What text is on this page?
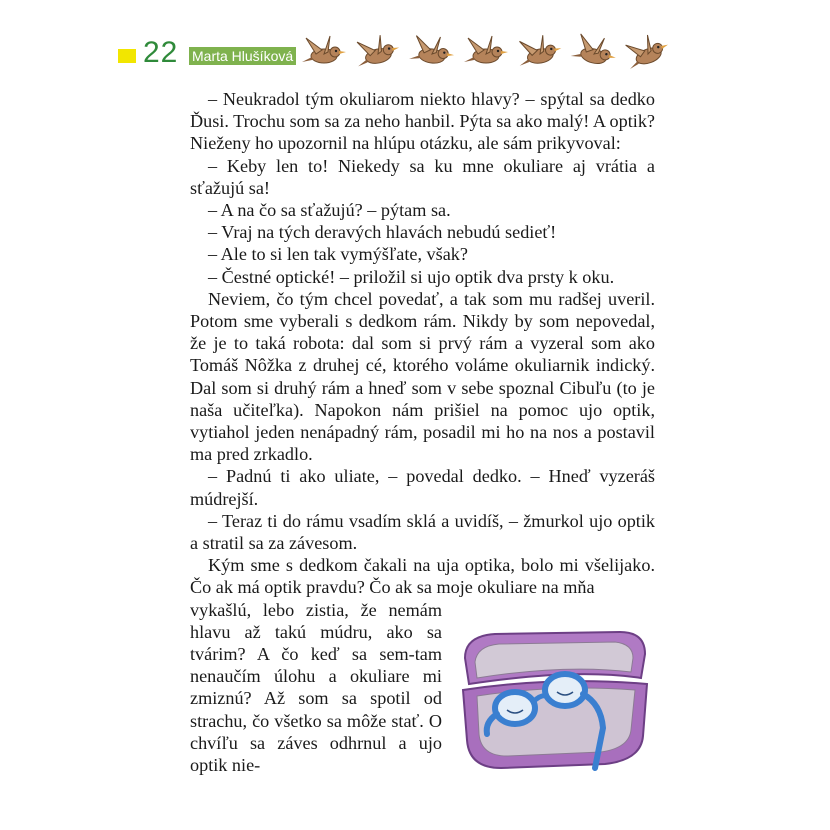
22 Marta Hlušíková

– Neukradol tým okuliarom niekto hlavy? – spýtal sa dedko Ďusi. Trochu som sa za neho hanbil. Pýta sa ako malý! A optik? Nieženy ho upozornil na hlúpu otázku, ale sám prikyvoval:

– Keby len to! Niekedy sa ku mne okuliare aj vrátia a sťažujú sa!

– A na čo sa sťažujú? – pýtam sa.

– Vraj na tých deravých hlavách nebudú sedieť!

– Ale to si len tak vymýšľate, však?

– Čestné optické! – priložil si ujo optik dva prsty k oku.

Neviem, čo tým chcel povedať, a tak som mu radšej uveril. Potom sme vyberali s dedkom rám. Nikdy by som nepovedal, že je to taká robota: dal som si prvý rám a vyzeral som ako Tomáš Nôžka z druhej cé, ktorého voláme okuliarnik indický. Dal som si druhý rám a hneď som v sebe spoznal Cibuľu (to je naša učiteľka). Napokon nám prišiel na pomoc ujo optik, vytiahol jeden nenápadný rám, posadil mi ho na nos a postavil ma pred zrkadlo.

– Padnú ti ako uliate, – povedal dedko. – Hneď vyzeráš múdrejší.

– Teraz ti do rámu vsadím sklá a uvidíš, – žmurkol ujo optik a stratil sa za závesom.

Kým sme s dedkom čakali na uja optika, bolo mi všelijako. Čo ak má optik pravdu? Čo ak sa moje okuliare na mňa

vykašlú, lebo zistia, že nemám hlavu až takú múdru, ako sa tvárim? A čo keď sa sem-tam nenaučím úlohu a okuliare mi zmiznú? Až som sa spotil od strachu, čo všetko sa môže stať. O chvíľu sa záves odhrnul a ujo optik nie-
